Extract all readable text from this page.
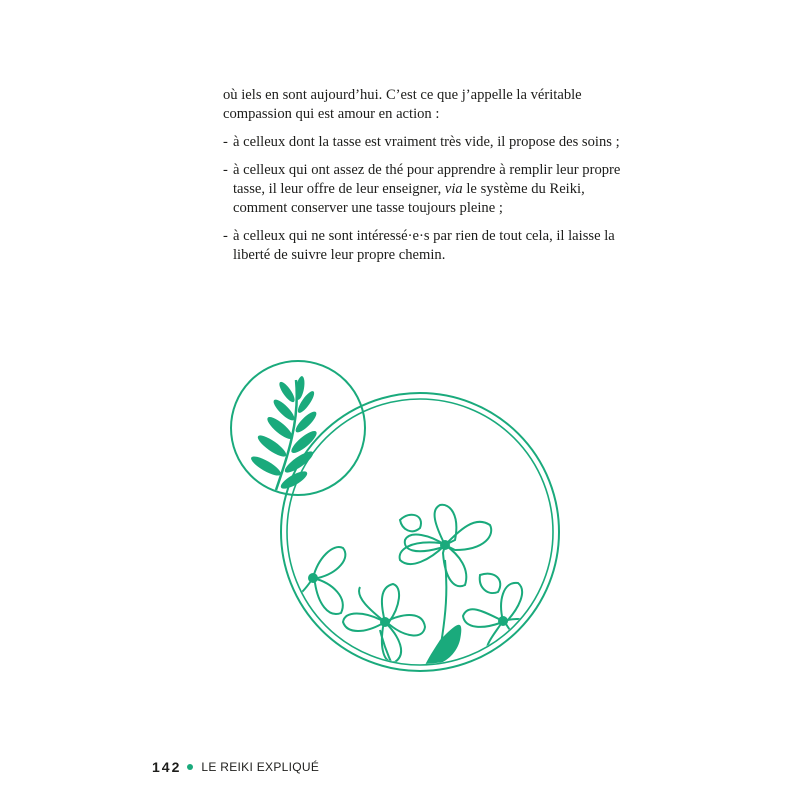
où iels en sont aujourd’hui. C’est ce que j’appelle la véritable
compassion qui est amour en action :

- à celleux dont la tasse est vraiment très vide, il propose des soins ;
- à celleux qui ont assez de thé pour apprendre à remplir leur propre tasse, il leur offre de leur enseigner, via le système du Reiki, comment conserver une tasse toujours pleine ;
- à celleux qui ne sont intéressé·e·s par rien de tout cela, il laisse la liberté de suivre leur propre chemin.
142 LE REIKI EXPLIQUÉ
